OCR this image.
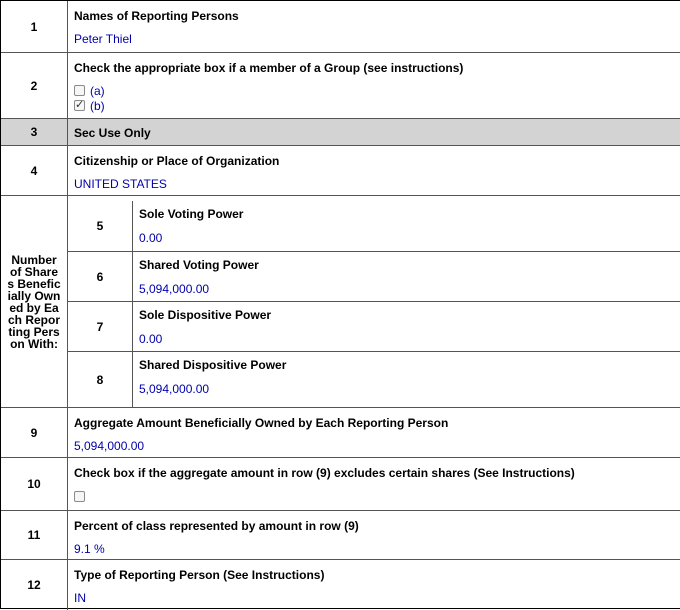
1
Names of Reporting Persons
Peter Thiel
2
Check the appropriate box if a member of a Group (see instructions)
(a)
✓ (b)
3	Sec Use Only
4
Citizenship or Place of Organization
UNITED STATES
Number of Shares Beneficially Owned by Each Reporting Person With:
5
Sole Voting Power
0.00
6
Shared Voting Power
5,094,000.00
7
Sole Dispositive Power
0.00
8
Shared Dispositive Power
5,094,000.00
9
Aggregate Amount Beneficially Owned by Each Reporting Person
5,094,000.00
10
Check box if the aggregate amount in row (9) excludes certain shares (See Instructions)
11
Percent of class represented by amount in row (9)
9.1 %
12
Type of Reporting Person (See Instructions)
IN
